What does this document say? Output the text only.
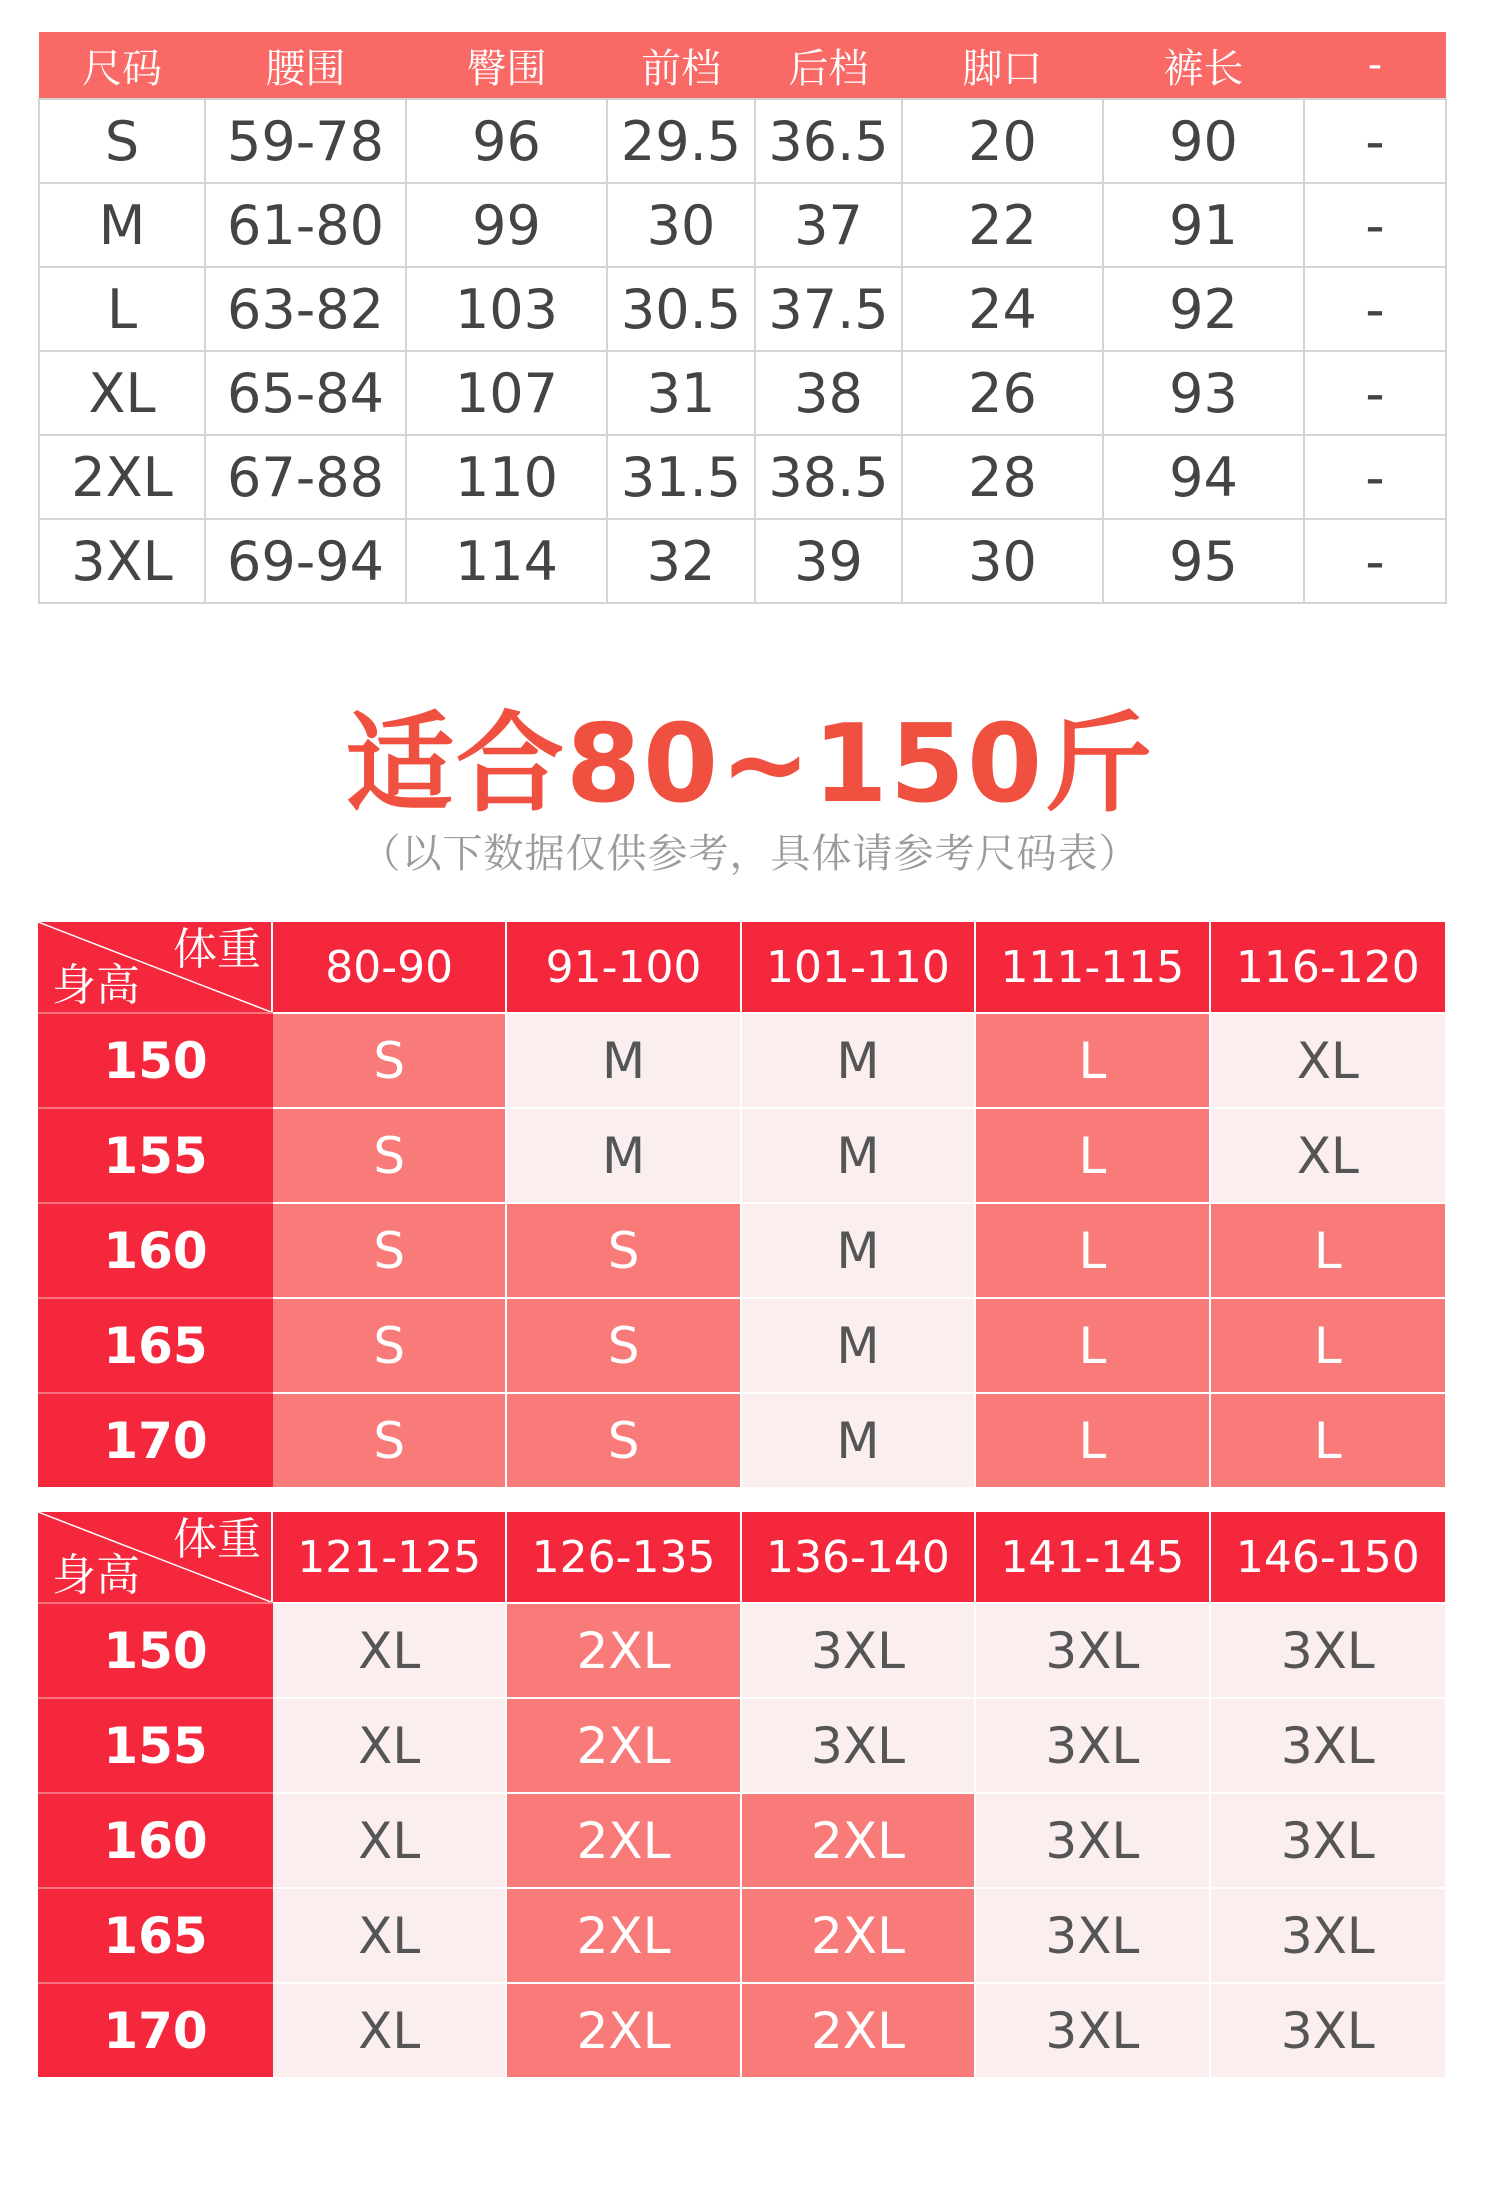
尺码	腰围	臀围	前档	后档	脚口	裤长	-
S	59-78	96	29.5	36.5	20	90	-
M	61-80	99	30	37	22	91	-
L	63-82	103	30.5	37.5	24	92	-
XL	65-84	107	31	38	26	93	-
2XL	67-88	110	31.5	38.5	28	94	-
3XL	69-94	114	32	39	30	95	-
适合80~150斤
（以下数据仅供参考，具体请参考尺码表）
体重
身高	80-90	91-100	101-110	111-115	116-120
150	S	M	M	L	XL
155	S	M	M	L	XL
160	S	S	M	L	L
165	S	S	M	L	L
170	S	S	M	L	L
体重
身高	121-125	126-135	136-140	141-145	146-150
150	XL	2XL	3XL	3XL	3XL
155	XL	2XL	3XL	3XL	3XL
160	XL	2XL	2XL	3XL	3XL
165	XL	2XL	2XL	3XL	3XL
170	XL	2XL	2XL	3XL	3XL
